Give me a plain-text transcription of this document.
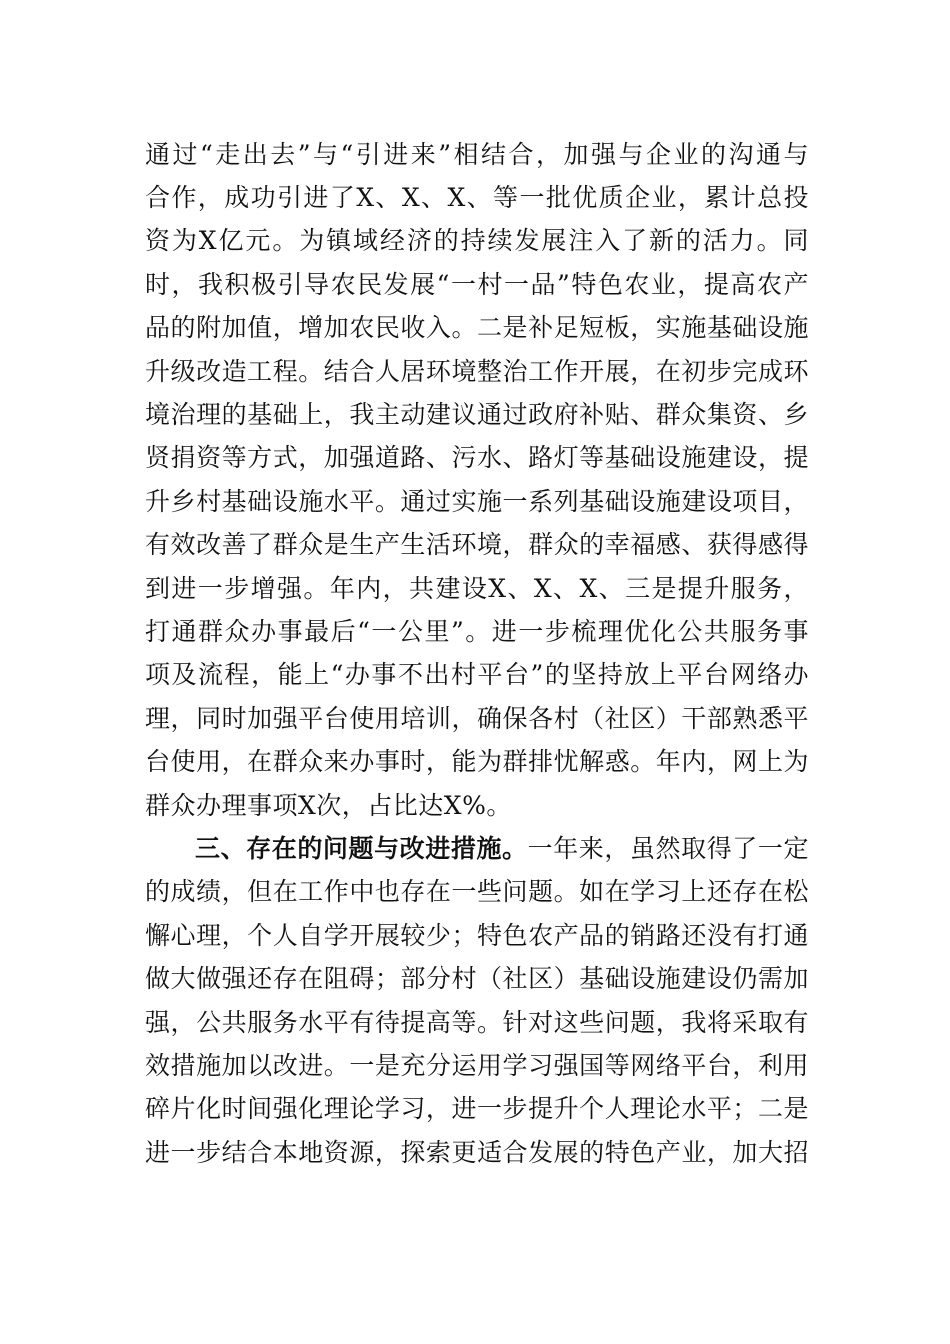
通过“走出去”与“引进来”相结合，加强与企业的沟通与
合作，成功引进了X、X、X、等一批优质企业，累计总投
资为X亿元。为镇域经济的持续发展注入了新的活力。同
时，我积极引导农民发展“一村一品”特色农业，提高农产
品的附加值，增加农民收入。二是补足短板，实施基础设施
升级改造工程。结合人居环境整治工作开展，在初步完成环
境治理的基础上，我主动建议通过政府补贴、群众集资、乡
贤捐资等方式，加强道路、污水、路灯等基础设施建设，提
升乡村基础设施水平。通过实施一系列基础设施建设项目，
有效改善了群众是生产生活环境，群众的幸福感、获得感得
到进一步增强。年内，共建设X、X、X、三是提升服务，
打通群众办事最后“一公里”。进一步梳理优化公共服务事
项及流程，能上“办事不出村平台”的坚持放上平台网络办
理，同时加强平台使用培训，确保各村（社区）干部熟悉平
台使用，在群众来办事时，能为群排忧解惑。年内，网上为
群众办理事项X次，占比达X%。
三、存在的问题与改进措施。一年来，虽然取得了一定
的成绩，但在工作中也存在一些问题。如在学习上还存在松
懈心理，个人自学开展较少；特色农产品的销路还没有打通
做大做强还存在阻碍；部分村（社区）基础设施建设仍需加
强，公共服务水平有待提高等。针对这些问题，我将采取有
效措施加以改进。一是充分运用学习强国等网络平台，利用
碎片化时间强化理论学习，进一步提升个人理论水平；二是
进一步结合本地资源，探索更适合发展的特色产业，加大招
